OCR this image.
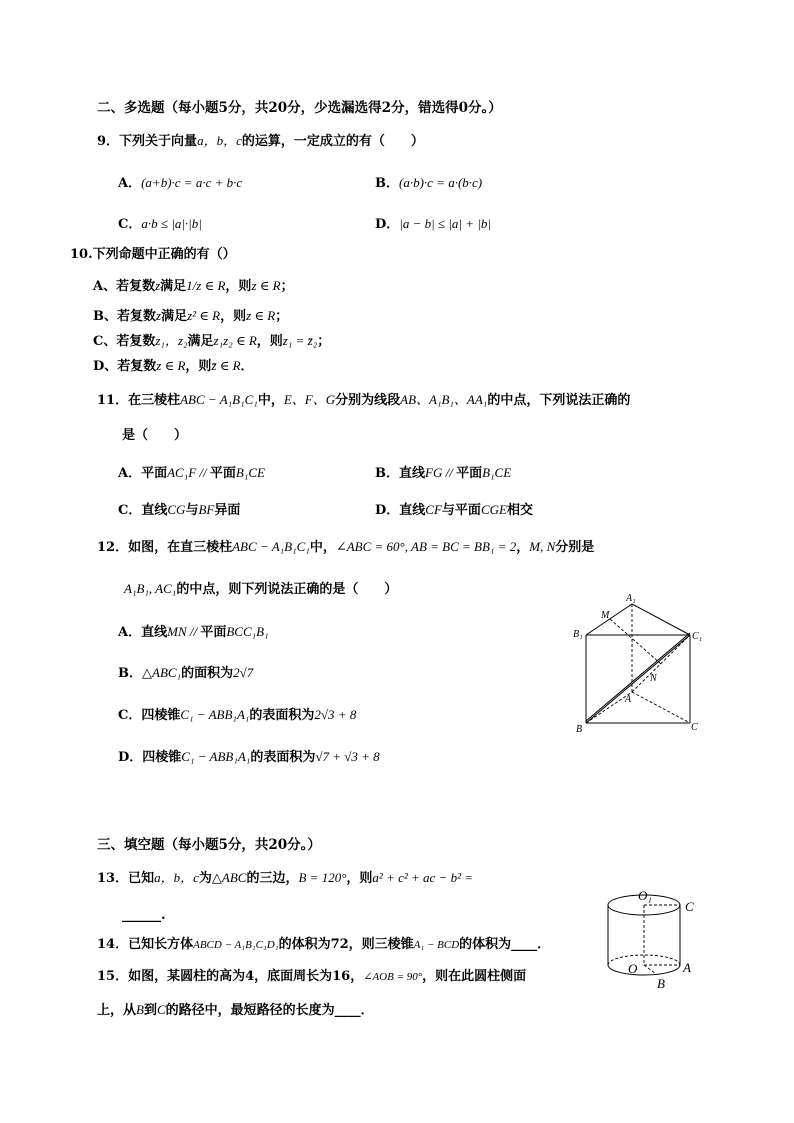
二、多选题（每小题5分，共20分，少选漏选得2分，错选得0分。）
9．下列关于向量a，b，c的运算，一定成立的有（　　）
A．(a+b)·c = a·c + b·c	B．(a·b)·c = a·(b·c)
C．a·b ≤ |a|·|b|	D．|a − b| ≤ |a| + |b|
10.下列命题中正确的有（）
A、若复数z满足1/z ∈ R，则z ∈ R；
B、若复数z满足z² ∈ R，则z ∈ R；
C、若复数z₁，z₂满足z₁z₂ ∈ R，则z₁ = z̄₂；
D、若复数z ∈ R，则z̄ ∈ R．
11．在三棱柱ABC − A₁B₁C₁中，E、F、G分别为线段AB、A₁B₁、AA₁的中点，下列说法正确的
是（　　）
A．平面AC₁F // 平面B₁CE	B．直线FG // 平面B₁CE
C．直线CG与BF异面	D．直线CF与平面CGE相交
12．如图，在直三棱柱ABC − A₁B₁C₁中，∠ABC = 60°, AB = BC = BB₁ = 2，M, N分别是
A₁B₁, AC₁的中点，则下列说法正确的是（　　）
A．直线MN // 平面BCC₁B₁
B．△ABC₁的面积为2√7
C．四棱锥C₁ − ABB₁A₁的表面积为2√3 + 8
D．四棱锥C₁ − ABB₁A₁的表面积为√7 + √3 + 8
M
A₁
B₁	C₁
N
A
B	C
三、填空题（每小题5分，共20分。）
13．已知a，b，c为△ABC的三边，B = 120°，则a² + c² + ac − b² =
______.
14．已知长方体ABCD − A₁B₁C₁D₁的体积为72，则三棱锥A₁ − BCD的体积为____．
15．如图，某圆柱的高为4，底面周长为16，∠AOB = 90°，则在此圆柱侧面
上，从B到C的路径中，最短路径的长度为____．
O₁
C
O	A
B
